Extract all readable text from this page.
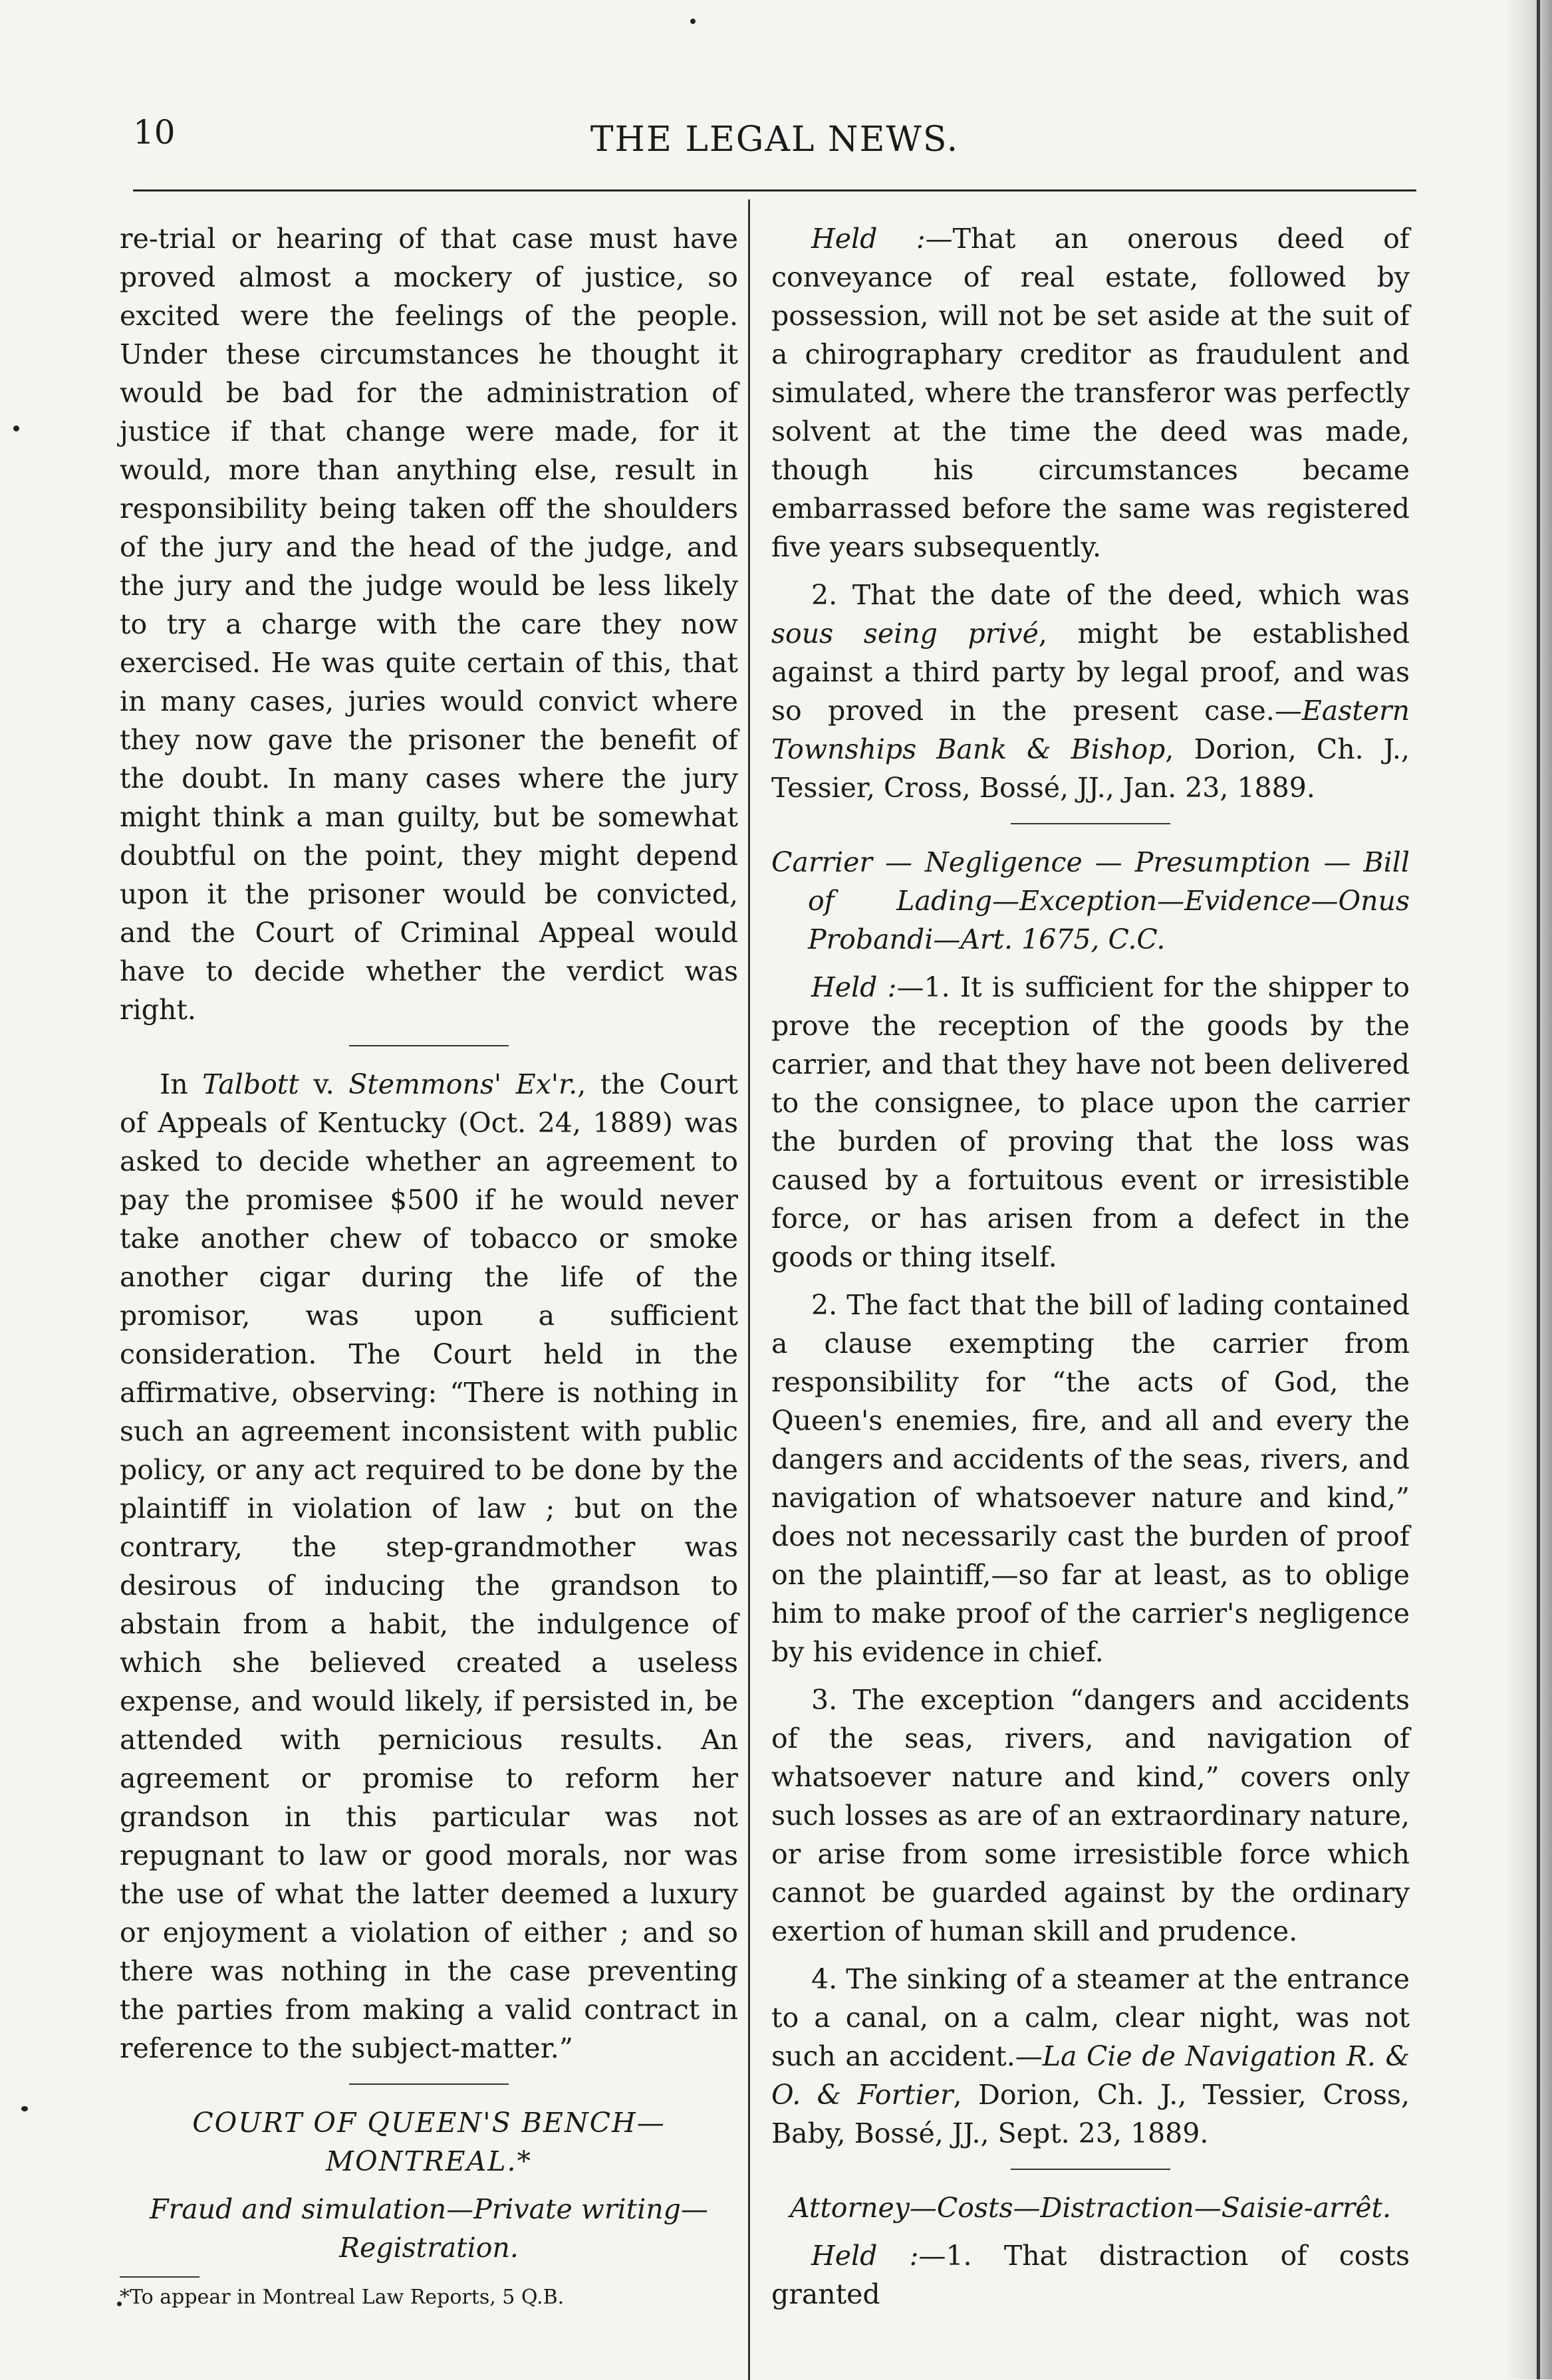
10	THE LEGAL NEWS.

re-trial or hearing of that case must have proved almost a mockery of justice, so excited were the feelings of the people. Under these circumstances he thought it would be bad for the administration of justice if that change were made, for it would, more than anything else, result in responsibility being taken off the shoulders of the jury and the head of the judge, and the jury and the judge would be less likely to try a charge with the care they now exercised. He was quite certain of this, that in many cases, juries would convict where they now gave the prisoner the benefit of the doubt. In many cases where the jury might think a man guilty, but be somewhat doubtful on the point, they might depend upon it the prisoner would be convicted, and the Court of Criminal Appeal would have to decide whether the verdict was right.

In Talbott v. Stemmons' Ex'r., the Court of Appeals of Kentucky (Oct. 24, 1889) was asked to decide whether an agreement to pay the promisee $500 if he would never take another chew of tobacco or smoke another cigar during the life of the promisor, was upon a sufficient consideration. The Court held in the affirmative, observing: “There is nothing in such an agreement inconsistent with public policy, or any act required to be done by the plaintiff in violation of law ; but on the contrary, the step-grandmother was desirous of inducing the grandson to abstain from a habit, the indulgence of which she believed created a useless expense, and would likely, if persisted in, be attended with pernicious results. An agreement or promise to reform her grandson in this particular was not repugnant to law or good morals, nor was the use of what the latter deemed a luxury or enjoyment a violation of either ; and so there was nothing in the case preventing the parties from making a valid contract in reference to the subject-matter.”

COURT OF QUEEN'S BENCH—MONTREAL.*

Fraud and simulation—Private writing—Registration.

*To appear in Montreal Law Reports, 5 Q.B.

Held :—That an onerous deed of conveyance of real estate, followed by possession, will not be set aside at the suit of a chirographary creditor as fraudulent and simulated, where the transferor was perfectly solvent at the time the deed was made, though his circumstances became embarrassed before the same was registered five years subsequently.

2. That the date of the deed, which was sous seing privé, might be established against a third party by legal proof, and was so proved in the present case.—Eastern Townships Bank & Bishop, Dorion, Ch. J., Tessier, Cross, Bossé, JJ., Jan. 23, 1889.

Carrier — Negligence — Presumption — Bill of Lading—Exception—Evidence—Onus Probandi—Art. 1675, C.C.

Held :—1. It is sufficient for the shipper to prove the reception of the goods by the carrier, and that they have not been delivered to the consignee, to place upon the carrier the burden of proving that the loss was caused by a fortuitous event or irresistible force, or has arisen from a defect in the goods or thing itself.

2. The fact that the bill of lading contained a clause exempting the carrier from responsibility for “the acts of God, the Queen's enemies, fire, and all and every the dangers and accidents of the seas, rivers, and navigation of whatsoever nature and kind,” does not necessarily cast the burden of proof on the plaintiff,—so far at least, as to oblige him to make proof of the carrier's negligence by his evidence in chief.

3. The exception “dangers and accidents of the seas, rivers, and navigation of whatsoever nature and kind,” covers only such losses as are of an extraordinary nature, or arise from some irresistible force which cannot be guarded against by the ordinary exertion of human skill and prudence.

4. The sinking of a steamer at the entrance to a canal, on a calm, clear night, was not such an accident.—La Cie de Navigation R. & O. & Fortier, Dorion, Ch. J., Tessier, Cross, Baby, Bossé, JJ., Sept. 23, 1889.

Attorney—Costs—Distraction—Saisie-arrêt.

Held :—1. That distraction of costs granted
